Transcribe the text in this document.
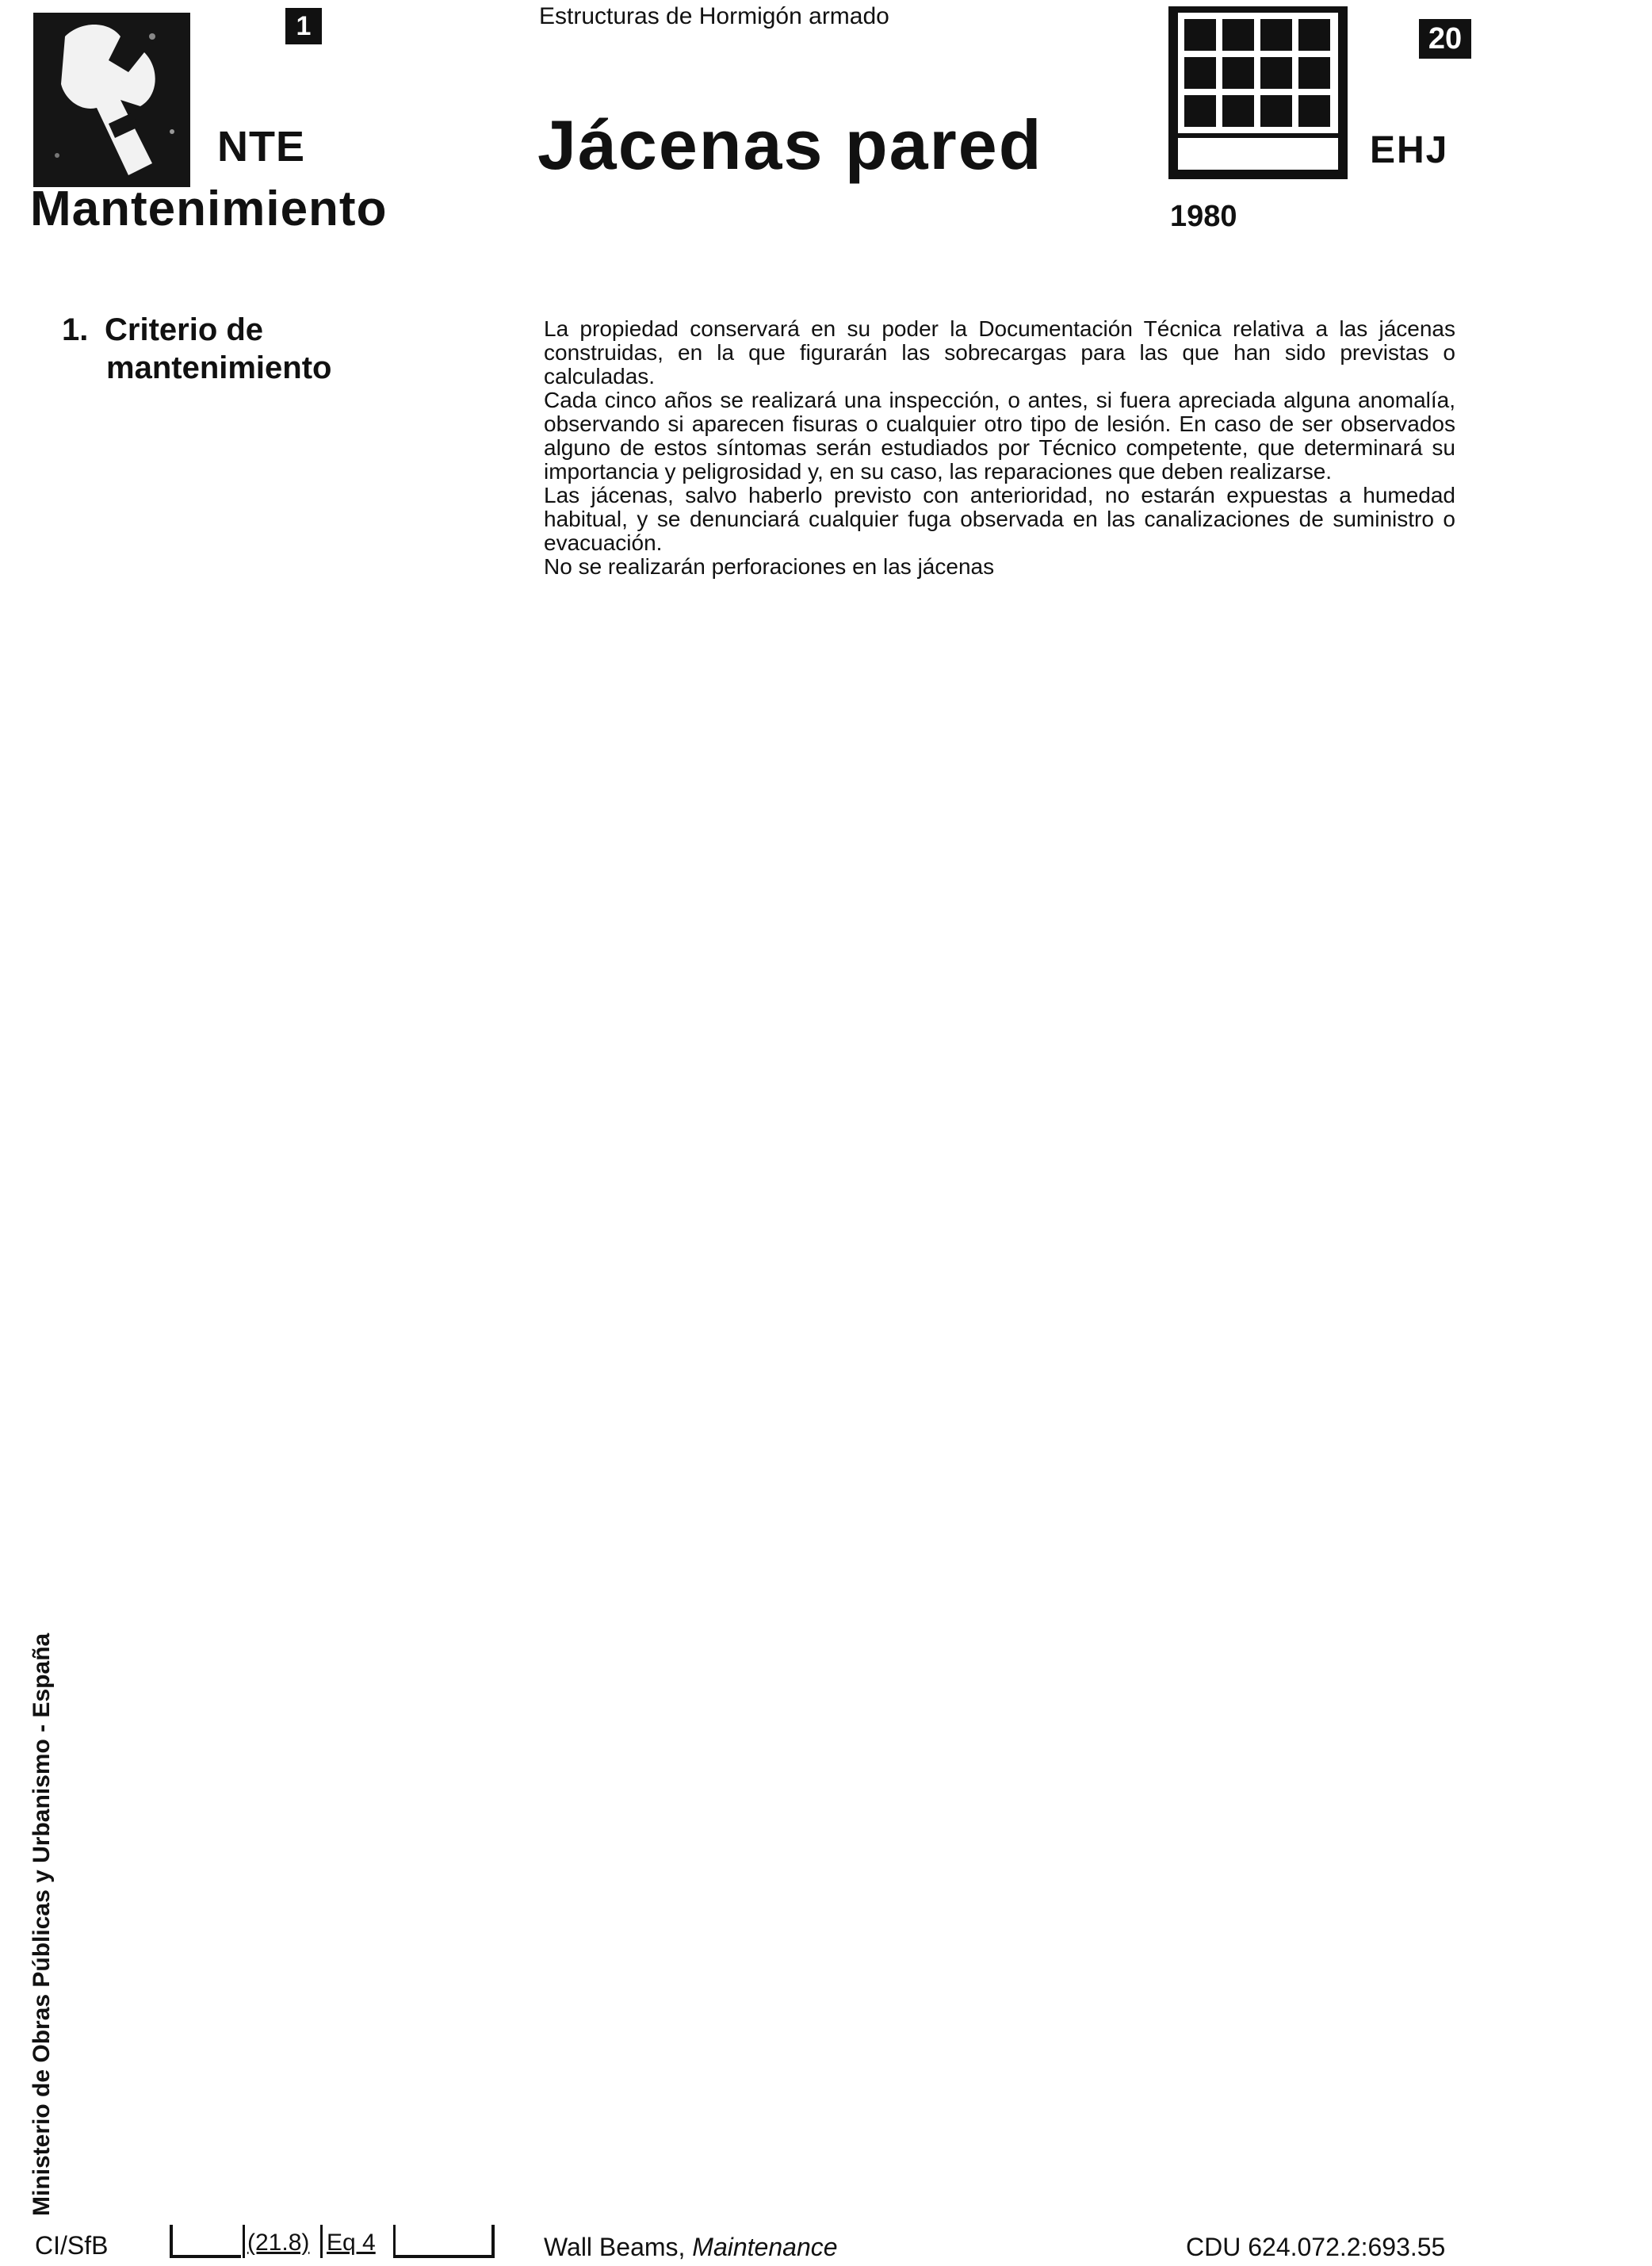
1
NTE
Mantenimiento
Estructuras de Hormigón armado
Jácenas pared
20
EHJ
1980
1. Criterio de
mantenimiento

La propiedad conservará en su poder la Documentación Técnica relativa a las jácenas construidas, en la que figurarán las sobrecargas para las que han sido previstas o calculadas.

Cada cinco años se realizará una inspección, o antes, si fuera apreciada alguna anomalía, observando si aparecen fisuras o cualquier otro tipo de lesión. En caso de ser observados alguno de estos síntomas serán estudiados por Técnico competente, que determinará su importancia y peligrosidad y, en su caso, las reparaciones que deben realizarse.

Las jácenas, salvo haberlo previsto con anterioridad, no estarán expuestas a humedad habitual, y se denunciará cualquier fuga observada en las canalizaciones de suministro o evacuación.

No se realizarán perforaciones en las jácenas

Ministerio de Obras Públicas y Urbanismo - España
CI/SfB	(21.8) Eq 4	Wall Beams, Maintenance	CDU 624.072.2:693.55
